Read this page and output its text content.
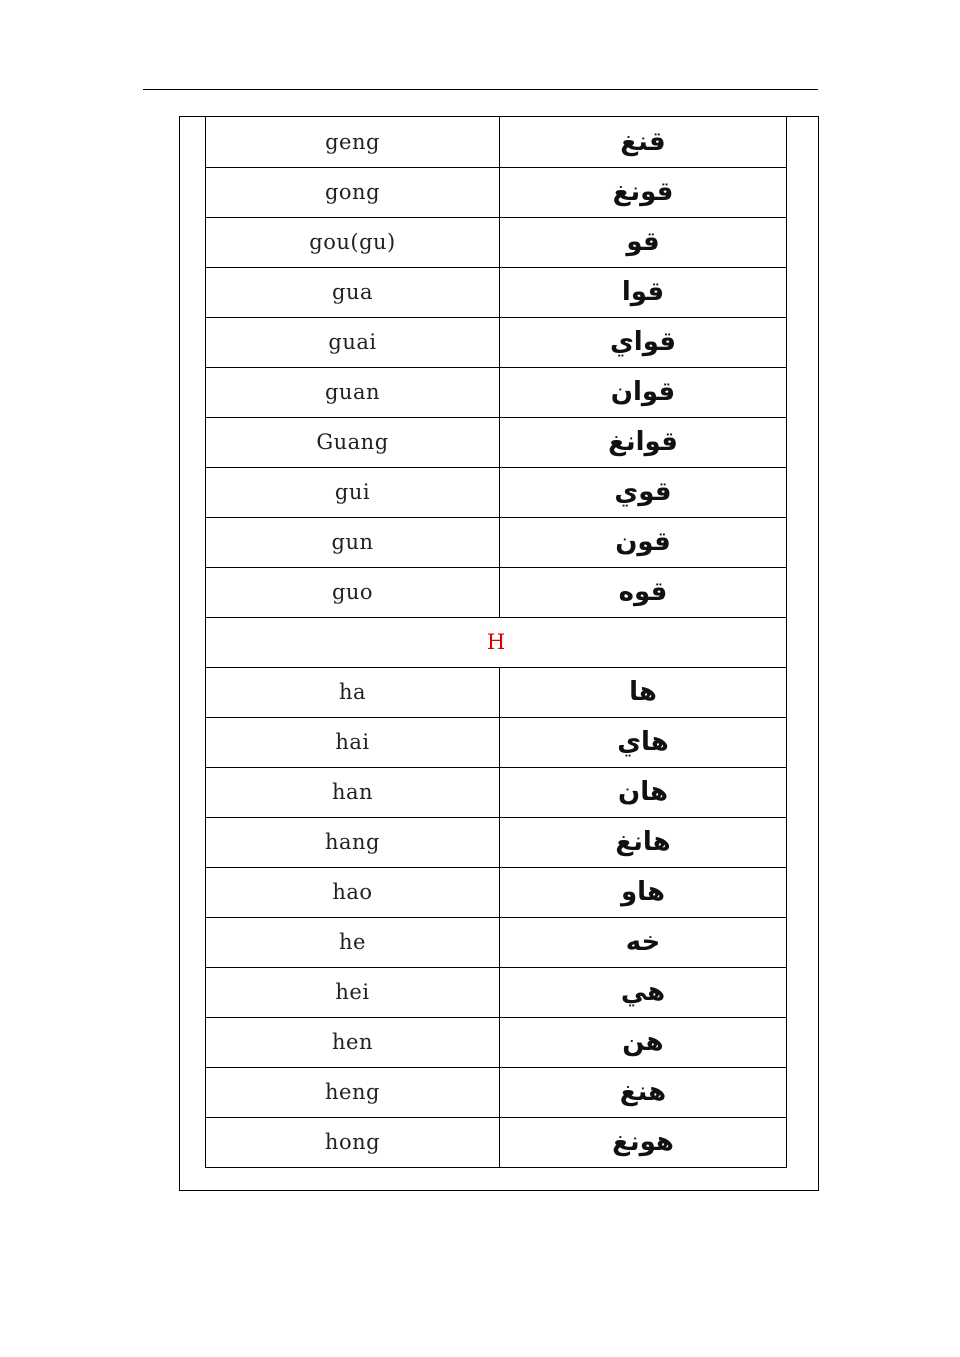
geng	قنغ
gong	قونغ
gou(gu)	قو
gua	قوا
guai	قواي
guan	قوان
Guang	قوانغ
gui	قوي
gun	قون
guo	قوه
H	
ha	ها
hai	هاي
han	هان
hang	هانغ
hao	هاو
he	خه
hei	هي
hen	هن
heng	هنغ
hong	هونغ
